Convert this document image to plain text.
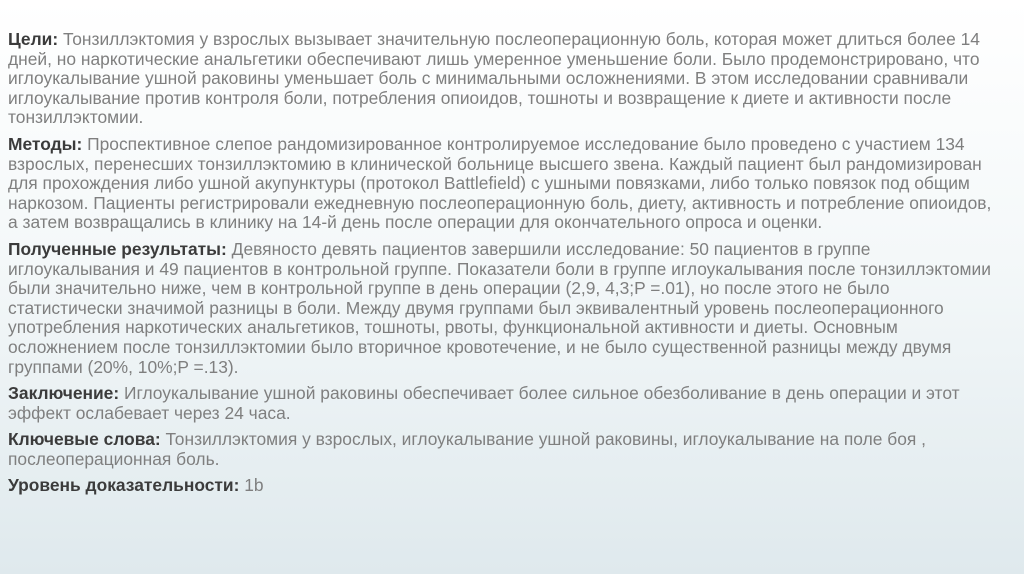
Цели: Тонзиллэктомия у взрослых вызывает значительную послеоперационную боль, которая может длиться более 14 дней, но наркотические анальгетики обеспечивают лишь умеренное уменьшение боли. Было продемонстрировано, что иглоукалывание ушной раковины уменьшает боль с минимальными осложнениями. В этом исследовании сравнивали иглоукалывание против контроля боли, потребления опиоидов, тошноты и возвращение к диете и активности после тонзиллэктомии.

Методы: Проспективное слепое рандомизированное контролируемое исследование было проведено с участием 134 взрослых, перенесших тонзиллэктомию в клинической больнице высшего звена. Каждый пациент был рандомизирован для прохождения либо ушной акупунктуры (протокол Battlefield) с ушными повязками, либо только повязок под общим наркозом. Пациенты регистрировали ежедневную послеоперационную боль, диету, активность и потребление опиоидов, а затем возвращались в клинику на 14-й день после операции для окончательного опроса и оценки.

Полученные результаты: Девяносто девять пациентов завершили исследование: 50 пациентов в группе иглоукалывания и 49 пациентов в контрольной группе. Показатели боли в группе иглоукалывания после тонзиллэктомии были значительно ниже, чем в контрольной группе в день операции (2,9, 4,3;P =.01), но после этого не было статистически значимой разницы в боли. Между двумя группами был эквивалентный уровень послеоперационного употребления наркотических анальгетиков, тошноты, рвоты, функциональной активности и диеты. Основным осложнением после тонзиллэктомии было вторичное кровотечение, и не было существенной разницы между двумя группами (20%, 10%;P =.13).

Заключение: Иглоукалывание ушной раковины обеспечивает более сильное обезболивание в день операции и этот эффект ослабевает через 24 часа.

Ключевые слова: Тонзиллэктомия у взрослых, иглоукалывание ушной раковины, иглоукалывание на поле боя , послеоперационная боль.

Уровень доказательности: 1b
